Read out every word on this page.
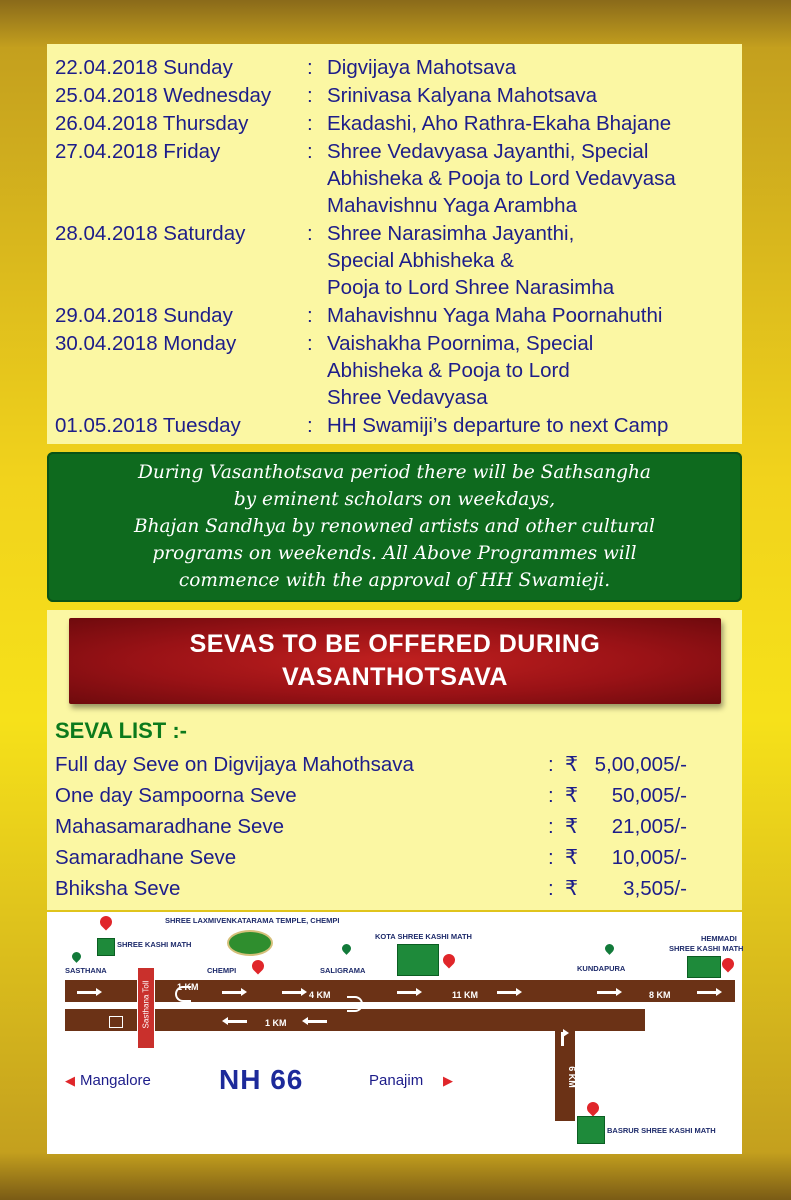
22.04.2018 Sunday	: Digvijaya Mahotsava
25.04.2018 Wednesday	: Srinivasa Kalyana Mahotsava
26.04.2018 Thursday	: Ekadashi, Aho Rathra-Ekaha Bhajane
27.04.2018 Friday	: Shree Vedavyasa Jayanthi, Special
Abhisheka & Pooja to Lord Vedavyasa
Mahavishnu Yaga Arambha
28.04.2018 Saturday	: Shree Narasimha Jayanthi,
Special Abhisheka &
Pooja to Lord Shree Narasimha
29.04.2018 Sunday	: Mahavishnu Yaga Maha Poornahuthi
30.04.2018 Monday	: Vaishakha Poornima, Special
Abhisheka & Pooja to Lord
Shree Vedavyasa
01.05.2018 Tuesday	: HH Swamiji’s departure to next Camp
During Vasanthotsava period there will be Sathsangha
by eminent scholars on weekdays,
Bhajan Sandhya by renowned artists and other cultural
programs on weekends. All Above Programmes will
commence with the approval of HH Swamieji.
SEVAS TO BE OFFERED DURING
VASANTHOTSAVA
SEVA LIST :-
Full day Seve on Digvijaya Mahothsava	: ₹ 5,00,005/-
One day Sampoorna Seve	: ₹	50,005/-
Mahasamaradhane Seve	: ₹	21,005/-
Samaradhane Seve	: ₹	10,005/-
Bhiksha Seve	: ₹	3,505/-
Sasthana Toll	1 KM
4 KM	11 KM	8 KM
1 KM
6 KM
SHREE KASHI MATH
SASTHANA
SHREE LAXMIVENKATARAMA TEMPLE, CHEMPI
CHEMPI	SALIGRAMA
KOTA SHREE KASHI MATH
KUNDAPURA
HEMMADI
SHREE KASHI MATH
BASRUR SHREE KASHI MATH
◀ Mangalore NH 66	Panajim ▶
